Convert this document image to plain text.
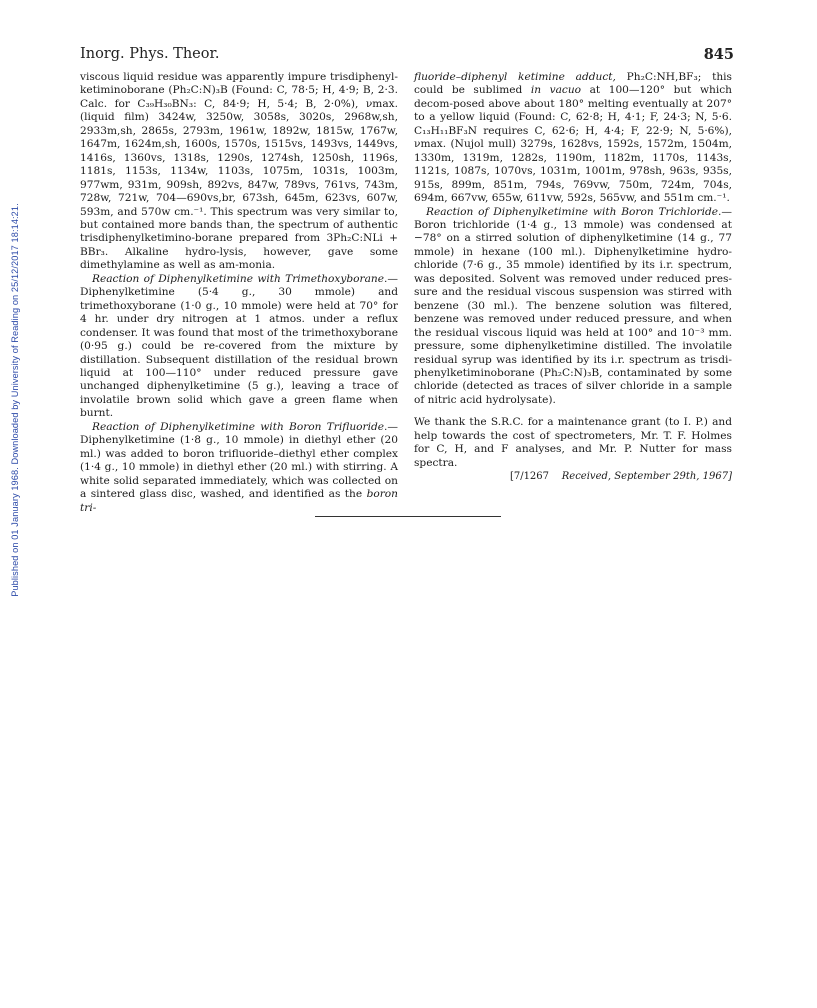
Published on 01 January 1968. Downloaded by University of Reading on 25/12/2017 18:14:21.
Inorg. Phys. Theor.	845

viscous liquid residue was apparently impure trisdiphenyl-ketiminoborane (Ph₂C:N)₃B (Found: C, 78·5; H, 4·9; B, 2·3. Calc. for C₃₉H₃₀BN₃: C, 84·9; H, 5·4; B, 2·0%), νmax. (liquid film) 3424w, 3250w, 3058s, 3020s, 2968w,sh, 2933m,sh, 2865s, 2793m, 1961w, 1892w, 1815w, 1767w, 1647m, 1624m,sh, 1600s, 1570s, 1515vs, 1493vs, 1449vs, 1416s, 1360vs, 1318s, 1290s, 1274sh, 1250sh, 1196s, 1181s, 1153s, 1134w, 1103s, 1075m, 1031s, 1003m, 977wm, 931m, 909sh, 892vs, 847w, 789vs, 761vs, 743m, 728w, 721w, 704—690vs,br, 673sh, 645m, 623vs, 607w, 593m, and 570w cm.⁻¹. This spectrum was very similar to, but contained more bands than, the spectrum of authentic trisdiphenylketimino-borane prepared from 3Ph₂C:NLi + BBr₃. Alkaline hydro-lysis, however, gave some dimethylamine as well as am-monia.

Reaction of Diphenylketimine with Trimethoxyborane.— Diphenylketimine (5·4 g., 30 mmole) and trimethoxyborane (1·0 g., 10 mmole) were held at 70° for 4 hr. under dry nitrogen at 1 atmos. under a reflux condenser. It was found that most of the trimethoxyborane (0·95 g.) could be re-covered from the mixture by distillation. Subsequent distillation of the residual brown liquid at 100—110° under reduced pressure gave unchanged diphenylketimine (5 g.), leaving a trace of involatile brown solid which gave a green flame when burnt.

Reaction of Diphenylketimine with Boron Trifluoride.— Diphenylketimine (1·8 g., 10 mmole) in diethyl ether (20 ml.) was added to boron trifluoride–diethyl ether complex (1·4 g., 10 mmole) in diethyl ether (20 ml.) with stirring. A white solid separated immediately, which was collected on a sintered glass disc, washed, and identified as the boron tri-

fluoride–diphenyl ketimine adduct, Ph₂C:NH,BF₃; this could be sublimed in vacuo at 100—120° but which decom-posed above about 180° melting eventually at 207° to a yellow liquid (Found: C, 62·8; H, 4·1; F, 24·3; N, 5·6. C₁₃H₁₁BF₃N requires C, 62·6; H, 4·4; F, 22·9; N, 5·6%), νmax. (Nujol mull) 3279s, 1628vs, 1592s, 1572m, 1504m, 1330m, 1319m, 1282s, 1190m, 1182m, 1170s, 1143s, 1121s, 1087s, 1070vs, 1031m, 1001m, 978sh, 963s, 935s, 915s, 899m, 851m, 794s, 769vw, 750m, 724m, 704s, 694m, 667vw, 655w, 611vw, 592s, 565vw, and 551m cm.⁻¹.

Reaction of Diphenylketimine with Boron Trichloride.— Boron trichloride (1·4 g., 13 mmole) was condensed at −78° on a stirred solution of diphenylketimine (14 g., 77 mmole) in hexane (100 ml.). Diphenylketimine hydro-chloride (7·6 g., 35 mmole) identified by its i.r. spectrum, was deposited. Solvent was removed under reduced pres-sure and the residual viscous suspension was stirred with benzene (30 ml.). The benzene solution was filtered, benzene was removed under reduced pressure, and when the residual viscous liquid was held at 100° and 10⁻³ mm. pressure, some diphenylketimine distilled. The involatile residual syrup was identified by its i.r. spectrum as trisdi-phenylketiminoborane (Ph₂C:N)₃B, contaminated by some chloride (detected as traces of silver chloride in a sample of nitric acid hydrolysate).

We thank the S.R.C. for a maintenance grant (to I. P.) and help towards the cost of spectrometers, Mr. T. F. Holmes for C, H, and F analyses, and Mr. P. Nutter for mass spectra.

[7/1267 Received, September 29th, 1967]
